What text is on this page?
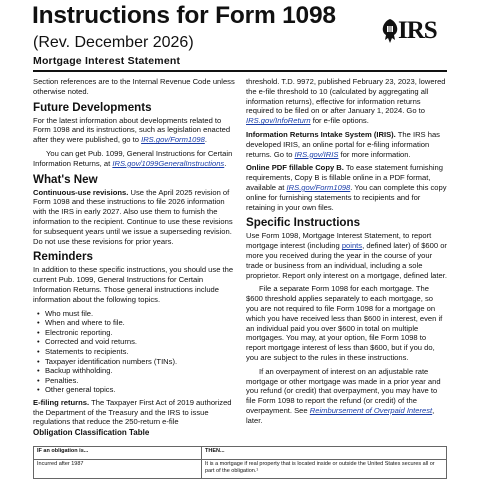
Instructions for Form 1098
(Rev. December 2026)
Mortgage Interest Statement
IRS

Section references are to the Internal Revenue Code unless otherwise noted.

Future Developments

For the latest information about developments related to Form 1098 and its instructions, such as legislation enacted after they were published, go to IRS.gov/Form1098.

You can get Pub. 1099, General Instructions for Certain Information Returns, at IRS.gov/1099GeneralInstructions.

What's New

Continuous-use revisions. Use the April 2025 revision of Form 1098 and these instructions to file 2026 information with the IRS in early 2027. Also use them to furnish the information to the recipient. Continue to use these revisions for subsequent years until we issue a superseding revision. Do not use these revisions for prior years.

Reminders

In addition to these specific instructions, you should use the current Pub. 1099, General Instructions for Certain Information Returns. Those general instructions include information about the following topics.

• Who must file.
• When and where to file.
• Electronic reporting.
• Corrected and void returns.
• Statements to recipients.
• Taxpayer identification numbers (TINs).
• Backup withholding.
• Penalties.
• Other general topics.

E-filing returns. The Taxpayer First Act of 2019 authorized the Department of the Treasury and the IRS to issue regulations that reduce the 250-return e-file

threshold. T.D. 9972, published February 23, 2023, lowered the e-file threshold to 10 (calculated by aggregating all information returns), effective for information returns required to be filed on or after January 1, 2024. Go to IRS.gov/InfoReturn for e-file options.

Information Returns Intake System (IRIS). The IRS has developed IRIS, an online portal for e-filing information returns. Go to IRS.gov/IRIS for more information.

Online PDF fillable Copy B. To ease statement furnishing requirements, Copy B is fillable online in a PDF format, available at IRS.gov/Form1098. You can complete this copy online for furnishing statements to recipients and for retaining in your own files.

Specific Instructions

Use Form 1098, Mortgage Interest Statement, to report mortgage interest (including points, defined later) of $600 or more you received during the year in the course of your trade or business from an individual, including a sole proprietor. Report only interest on a mortgage, defined later.

File a separate Form 1098 for each mortgage. The $600 threshold applies separately to each mortgage, so you are not required to file Form 1098 for a mortgage on which you have received less than $600 in interest, even if an individual paid you over $600 in total on multiple mortgages. You may, at your option, file Form 1098 to report mortgage interest of less than $600, but if you do, you are subject to the rules in these instructions.

If an overpayment of interest on an adjustable rate mortgage or other mortgage was made in a prior year and you refund (or credit) that overpayment, you may have to file Form 1098 to report the refund (or credit) of the overpayment. See Reimbursement of Overpaid Interest, later.

Obligation Classification Table
IF an obligation is...	THEN...
Incurred after 1987	It is a mortgage if real property that is located inside or outside the United States secures all or part of the obligation.¹
